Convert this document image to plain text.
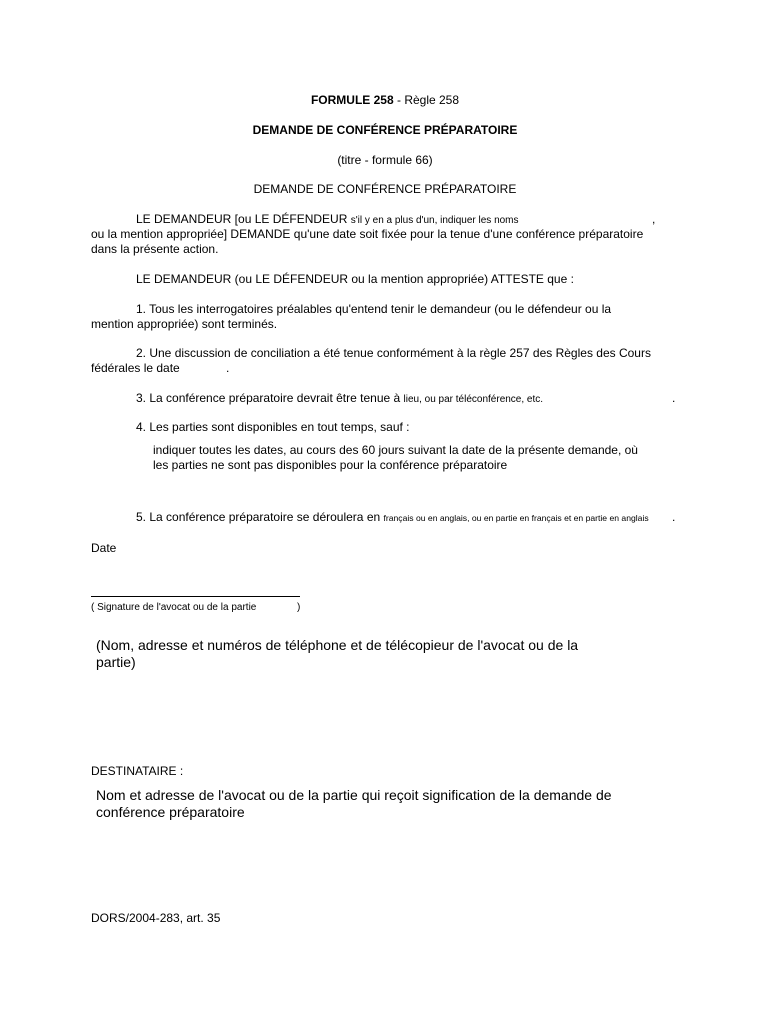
FORMULE 258 - Règle 258
DEMANDE DE CONFÉRENCE PRÉPARATOIRE
(titre - formule 66)
DEMANDE DE CONFÉRENCE PRÉPARATOIRE
LE DEMANDEUR [ou LE DÉFENDEUR s'il y en a plus d'un, indiquer les noms	,
ou la mention appropriée] DEMANDE qu'une date soit fixée pour la tenue d'une conférence préparatoire
dans la présente action.
LE DEMANDEUR (ou LE DÉFENDEUR ou la mention appropriée) ATTESTE que :
1. Tous les interrogatoires préalables qu'entend tenir le demandeur (ou le défendeur ou la
mention appropriée) sont terminés.
2. Une discussion de conciliation a été tenue conformément à la règle 257 des Règles des Cours
fédérales le date	.
3. La conférence préparatoire devrait être tenue à lieu, ou par téléconférence, etc.	.
4. Les parties sont disponibles en tout temps, sauf :
indiquer toutes les dates, au cours des 60 jours suivant la date de la présente demande, où
les parties ne sont pas disponibles pour la conférence préparatoire
5. La conférence préparatoire se déroulera en français ou en anglais, ou en partie en français et en partie en anglais .
Date
( Signature de l'avocat ou de la partie	)
(Nom, adresse et numéros de téléphone et de télécopieur de l'avocat ou de la
partie)
DESTINATAIRE :
Nom et adresse de l'avocat ou de la partie qui reçoit signification de la demande de
conférence préparatoire
DORS/2004-283, art. 35
